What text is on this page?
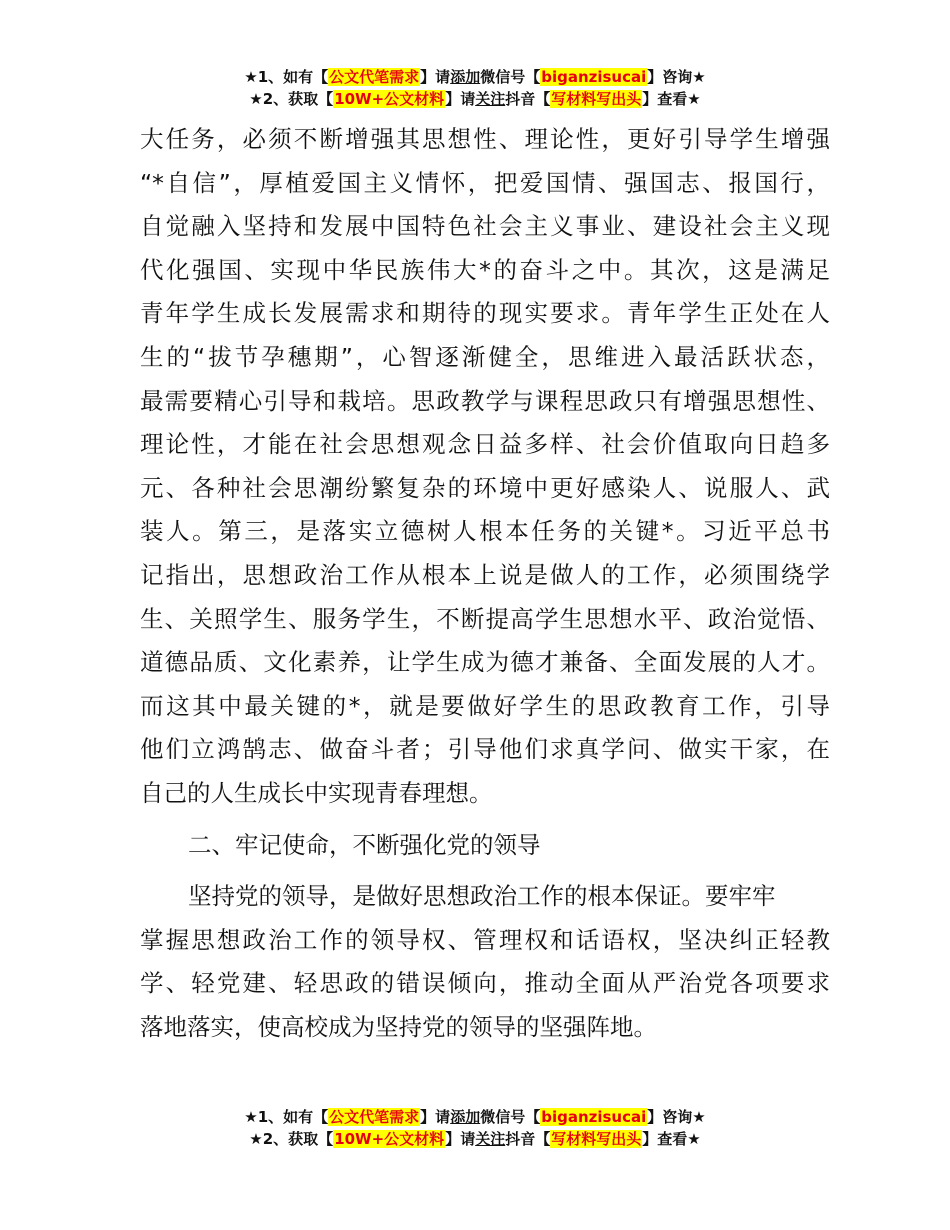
★1、如有【公文代笔需求】请添加微信号【biganzisucai】咨询★
★2、获取【10W+公文材料】请关注抖音【写材料写出头】查看★
大任务，必须不断增强其思想性、理论性，更好引导学生增强
“*自信”，厚植爱国主义情怀，把爱国情、强国志、报国行，
自觉融入坚持和发展中国特色社会主义事业、建设社会主义现
代化强国、实现中华民族伟大*的奋斗之中。其次，这是满足
青年学生成长发展需求和期待的现实要求。青年学生正处在人
生的“拔节孕穗期”，心智逐渐健全，思维进入最活跃状态，
最需要精心引导和栽培。思政教学与课程思政只有增强思想性、
理论性，才能在社会思想观念日益多样、社会价值取向日趋多
元、各种社会思潮纷繁复杂的环境中更好感染人、说服人、武
装人。第三，是落实立德树人根本任务的关键*。习近平总书
记指出，思想政治工作从根本上说是做人的工作，必须围绕学
生、关照学生、服务学生，不断提高学生思想水平、政治觉悟、
道德品质、文化素养，让学生成为德才兼备、全面发展的人才。
而这其中最关键的*，就是要做好学生的思政教育工作，引导
他们立鸿鹄志、做奋斗者；引导他们求真学问、做实干家，在
自己的人生成长中实现青春理想。
二、牢记使命，不断强化党的领导
坚持党的领导，是做好思想政治工作的根本保证。要牢牢
掌握思想政治工作的领导权、管理权和话语权，坚决纠正轻教
学、轻党建、轻思政的错误倾向，推动全面从严治党各项要求
落地落实，使高校成为坚持党的领导的坚强阵地。
★1、如有【公文代笔需求】请添加微信号【biganzisucai】咨询★
★2、获取【10W+公文材料】请关注抖音【写材料写出头】查看★
